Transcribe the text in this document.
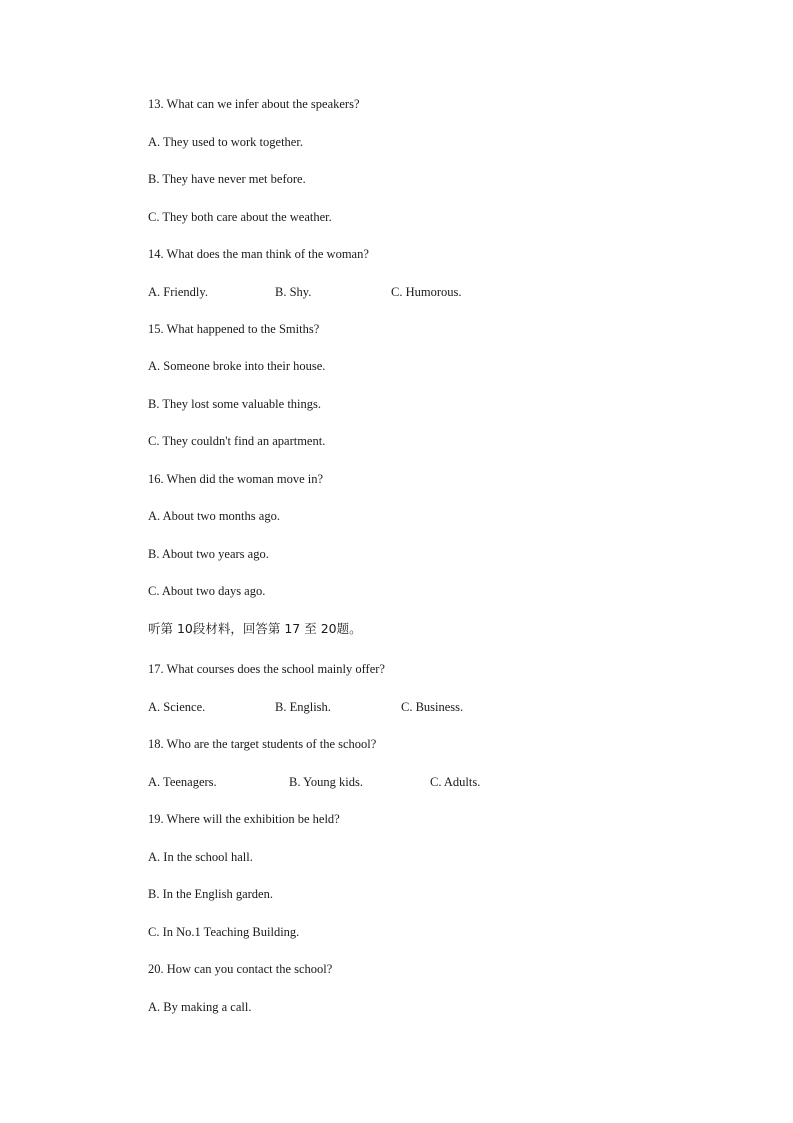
13. What can we infer about the speakers?
A. They used to work together.
B. They have never met before.
C. They both care about the weather.
14. What does the man think of the woman?
A. Friendly.	B. Shy.	C. Humorous.
15. What happened to the Smiths?
A. Someone broke into their house.
B. They lost some valuable things.
C. They couldn't find an apartment.
16. When did the woman move in?
A. About two months ago.
B. About two years ago.
C. About two days ago.
听第 10段材料，回答第 17 至 20题。
17. What courses does the school mainly offer?
A. Science.	B. English.	C. Business.
18. Who are the target students of the school?
A. Teenagers.	B. Young kids.	C. Adults.
19. Where will the exhibition be held?
A. In the school hall.
B. In the English garden.
C. In No.1 Teaching Building.
20. How can you contact the school?
A. By making a call.
